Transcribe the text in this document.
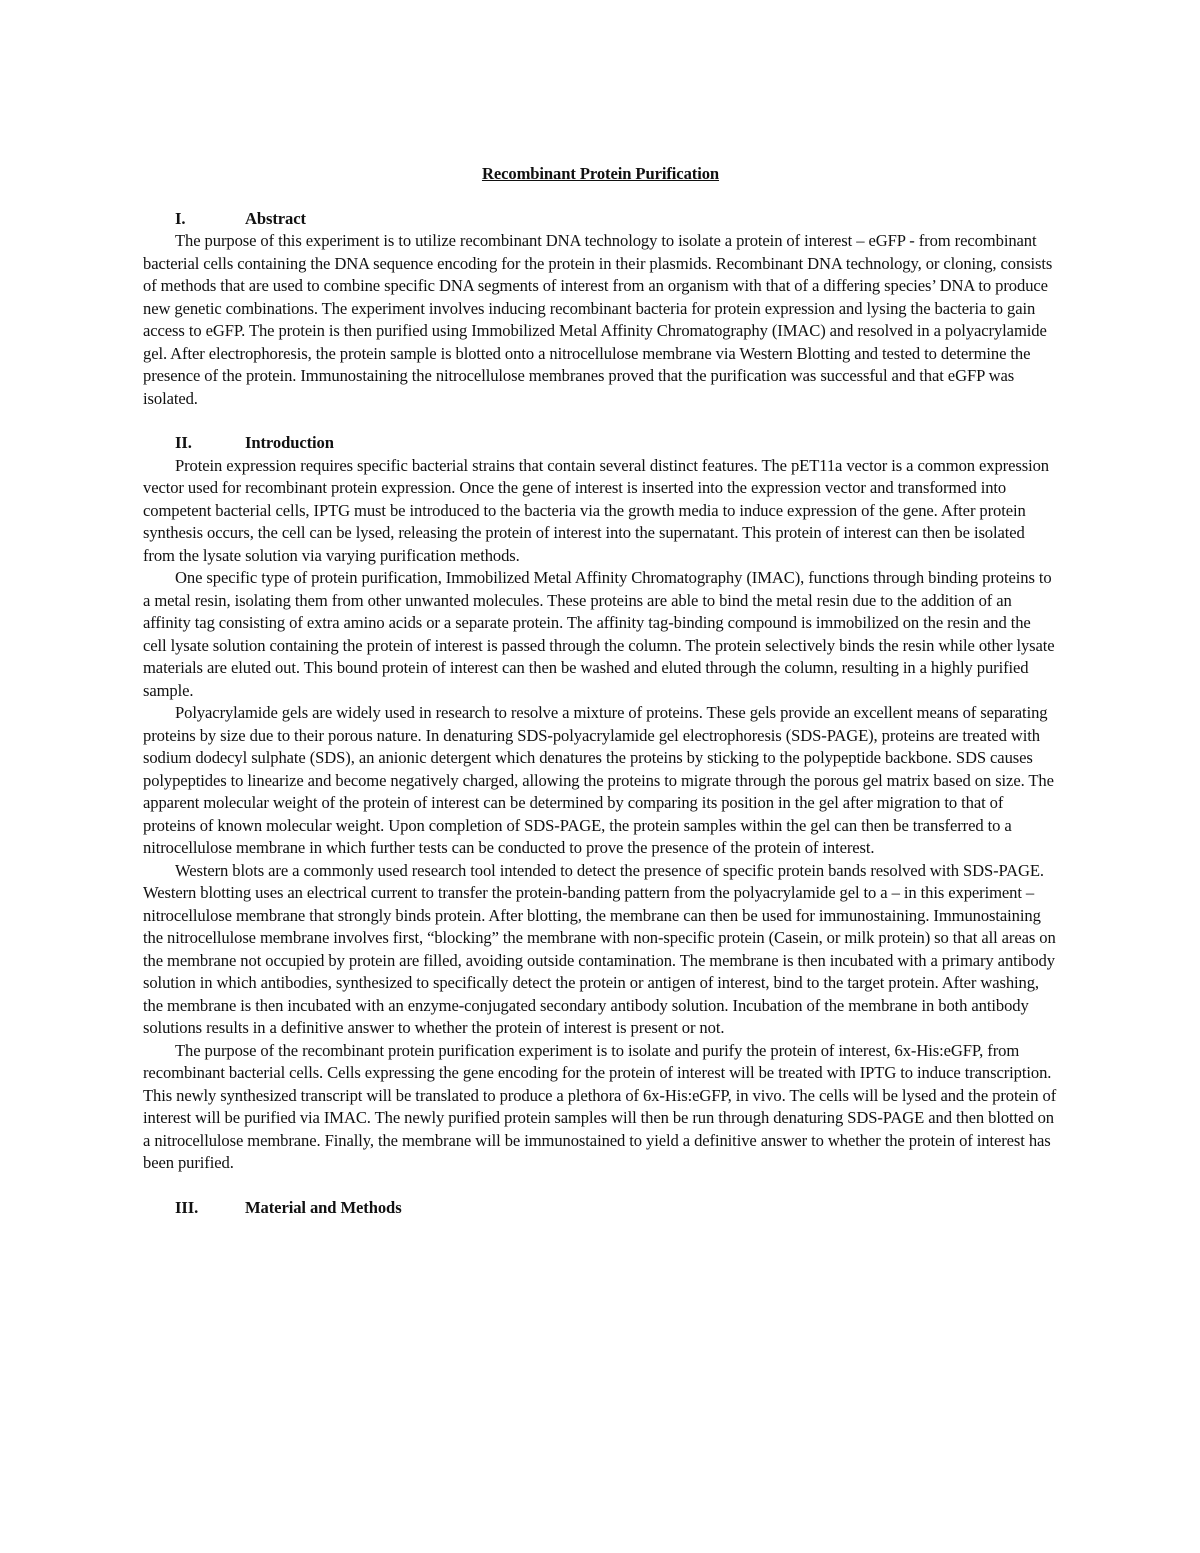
Recombinant Protein Purification
I.	Abstract

The purpose of this experiment is to utilize recombinant DNA technology to isolate a protein of interest – eGFP - from recombinant bacterial cells containing the DNA sequence encoding for the protein in their plasmids. Recombinant DNA technology, or cloning, consists of methods that are used to combine specific DNA segments of interest from an organism with that of a differing species’ DNA to produce new genetic combinations. The experiment involves inducing recombinant bacteria for protein expression and lysing the bacteria to gain access to eGFP. The protein is then purified using Immobilized Metal Affinity Chromatography (IMAC) and resolved in a polyacrylamide gel. After electrophoresis, the protein sample is blotted onto a nitrocellulose membrane via Western Blotting and tested to determine the presence of the protein. Immunostaining the nitrocellulose membranes proved that the purification was successful and that eGFP was isolated.

II.	Introduction

Protein expression requires specific bacterial strains that contain several distinct features. The pET11a vector is a common expression vector used for recombinant protein expression. Once the gene of interest is inserted into the expression vector and transformed into competent bacterial cells, IPTG must be introduced to the bacteria via the growth media to induce expression of the gene. After protein synthesis occurs, the cell can be lysed, releasing the protein of interest into the supernatant. This protein of interest can then be isolated from the lysate solution via varying purification methods.

One specific type of protein purification, Immobilized Metal Affinity Chromatography (IMAC), functions through binding proteins to a metal resin, isolating them from other unwanted molecules. These proteins are able to bind the metal resin due to the addition of an affinity tag consisting of extra amino acids or a separate protein. The affinity tag-binding compound is immobilized on the resin and the cell lysate solution containing the protein of interest is passed through the column. The protein selectively binds the resin while other lysate materials are eluted out. This bound protein of interest can then be washed and eluted through the column, resulting in a highly purified sample.

Polyacrylamide gels are widely used in research to resolve a mixture of proteins. These gels provide an excellent means of separating proteins by size due to their porous nature. In denaturing SDS-polyacrylamide gel electrophoresis (SDS-PAGE), proteins are treated with sodium dodecyl sulphate (SDS), an anionic detergent which denatures the proteins by sticking to the polypeptide backbone. SDS causes polypeptides to linearize and become negatively charged, allowing the proteins to migrate through the porous gel matrix based on size. The apparent molecular weight of the protein of interest can be determined by comparing its position in the gel after migration to that of proteins of known molecular weight. Upon completion of SDS-PAGE, the protein samples within the gel can then be transferred to a nitrocellulose membrane in which further tests can be conducted to prove the presence of the protein of interest.

Western blots are a commonly used research tool intended to detect the presence of specific protein bands resolved with SDS-PAGE. Western blotting uses an electrical current to transfer the protein-banding pattern from the polyacrylamide gel to a – in this experiment – nitrocellulose membrane that strongly binds protein. After blotting, the membrane can then be used for immunostaining. Immunostaining the nitrocellulose membrane involves first, “blocking” the membrane with non-specific protein (Casein, or milk protein) so that all areas on the membrane not occupied by protein are filled, avoiding outside contamination. The membrane is then incubated with a primary antibody solution in which antibodies, synthesized to specifically detect the protein or antigen of interest, bind to the target protein. After washing, the membrane is then incubated with an enzyme-conjugated secondary antibody solution. Incubation of the membrane in both antibody solutions results in a definitive answer to whether the protein of interest is present or not.

The purpose of the recombinant protein purification experiment is to isolate and purify the protein of interest, 6x-His:eGFP, from recombinant bacterial cells. Cells expressing the gene encoding for the protein of interest will be treated with IPTG to induce transcription. This newly synthesized transcript will be translated to produce a plethora of 6x-His:eGFP, in vivo. The cells will be lysed and the protein of interest will be purified via IMAC. The newly purified protein samples will then be run through denaturing SDS-PAGE and then blotted on a nitrocellulose membrane. Finally, the membrane will be immunostained to yield a definitive answer to whether the protein of interest has been purified.

III.	Material and Methods
